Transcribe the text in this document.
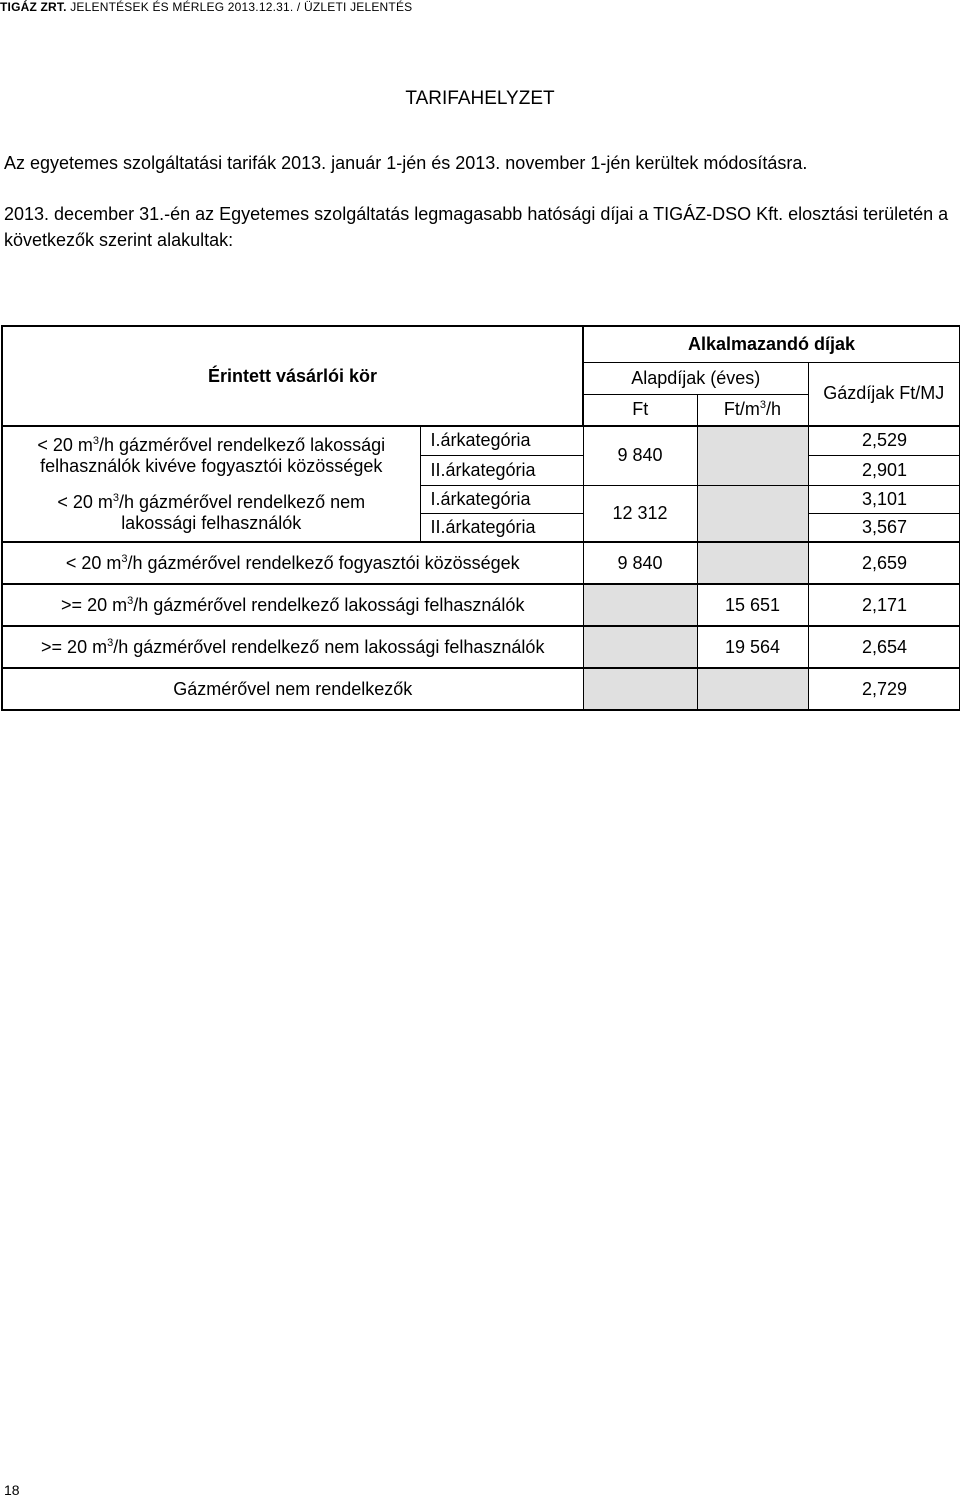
TIGÁZ ZRT. JELENTÉSEK ÉS MÉRLEG 2013.12.31. / ÜZLETI JELENTÉS
TARIFAHELYZET
Az egyetemes szolgáltatási tarifák 2013. január 1-jén és 2013. november 1-jén kerültek módosításra.
2013. december 31.-én az Egyetemes szolgáltatás legmagasabb hatósági díjai a TIGÁZ-DSO Kft. elosztási területén a következők szerint alakultak:
Érintett vásárlói kör		Alkalmazandó díjak		
		Alapdíjak (éves)		Gázdíjak Ft/MJ
		Ft	$Ft/m^3/h$	
< 20 $m^3/h$ gázmérővel rendelkező lakossági
felhasználók kivéve fogyasztói közösségek	I.árkategória	9 840		2,529
	II.árkategória			2,901
< 20 $m^3/h$ gázmérővel rendelkező nem
lakossági felhasználók	I.árkategória	12 312		3,101
	II.árkategória			3,567
< 20 $m^3/h$ gázmérővel rendelkező fogyasztói közösségek		9 840		2,659
>= 20 $m^3/h$ gázmérővel rendelkező lakossági felhasználók			15 651	2,171
>= 20 $m^3/h$ gázmérővel rendelkező nem lakossági felhasználók			19 564	2,654
Gázmérővel nem rendelkezők				2,729
18
